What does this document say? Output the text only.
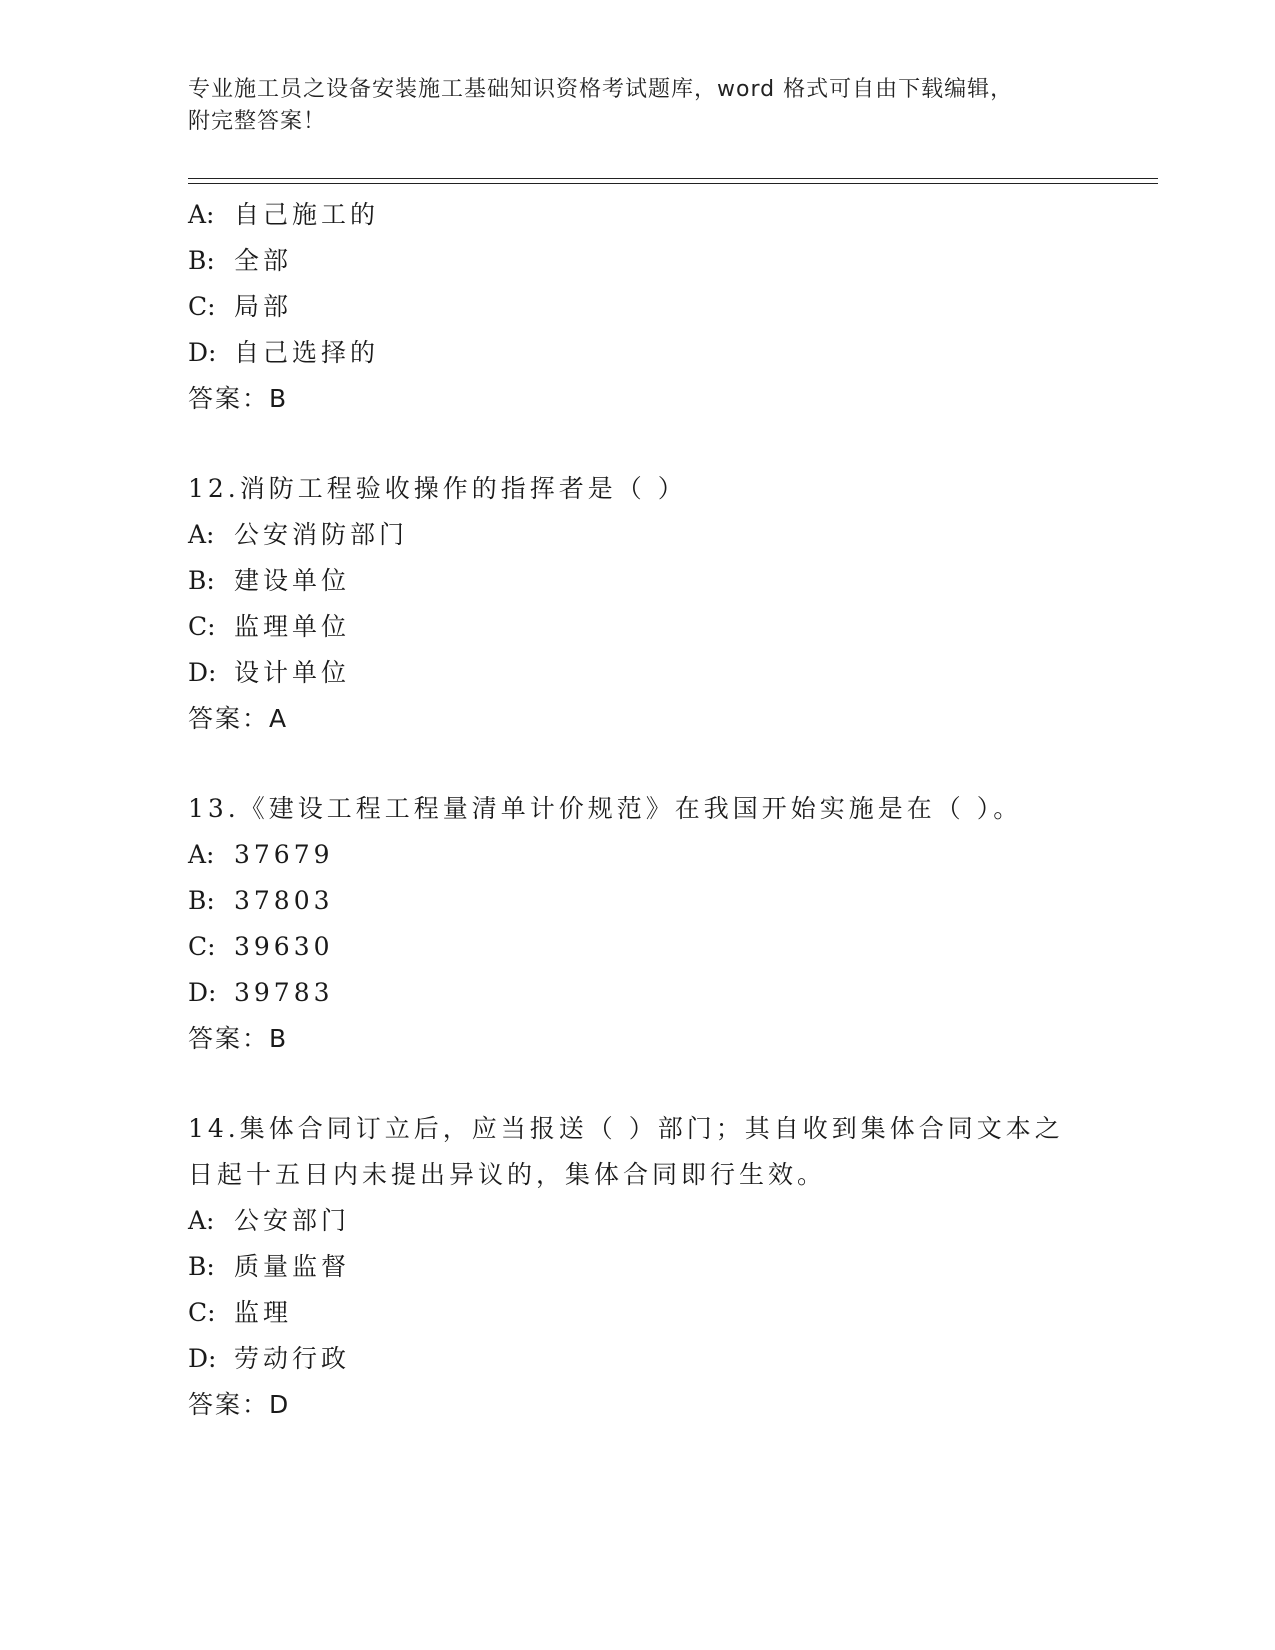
专业施工员之设备安装施工基础知识资格考试题库，word 格式可自由下载编辑，
附完整答案！
A: 自己施工的
B: 全部
C: 局部
D: 自己选择的
答案：B
12.消防工程验收操作的指挥者是（ ）
A: 公安消防部门
B: 建设单位
C: 监理单位
D: 设计单位
答案：A
13.《建设工程工程量清单计价规范》在我国开始实施是在（ ）。
A: 37679
B: 37803
C: 39630
D: 39783
答案：B
14.集体合同订立后，应当报送（ ）部门；其自收到集体合同文本之
日起十五日内未提出异议的，集体合同即行生效。
A: 公安部门
B: 质量监督
C: 监理
D: 劳动行政
答案：D
